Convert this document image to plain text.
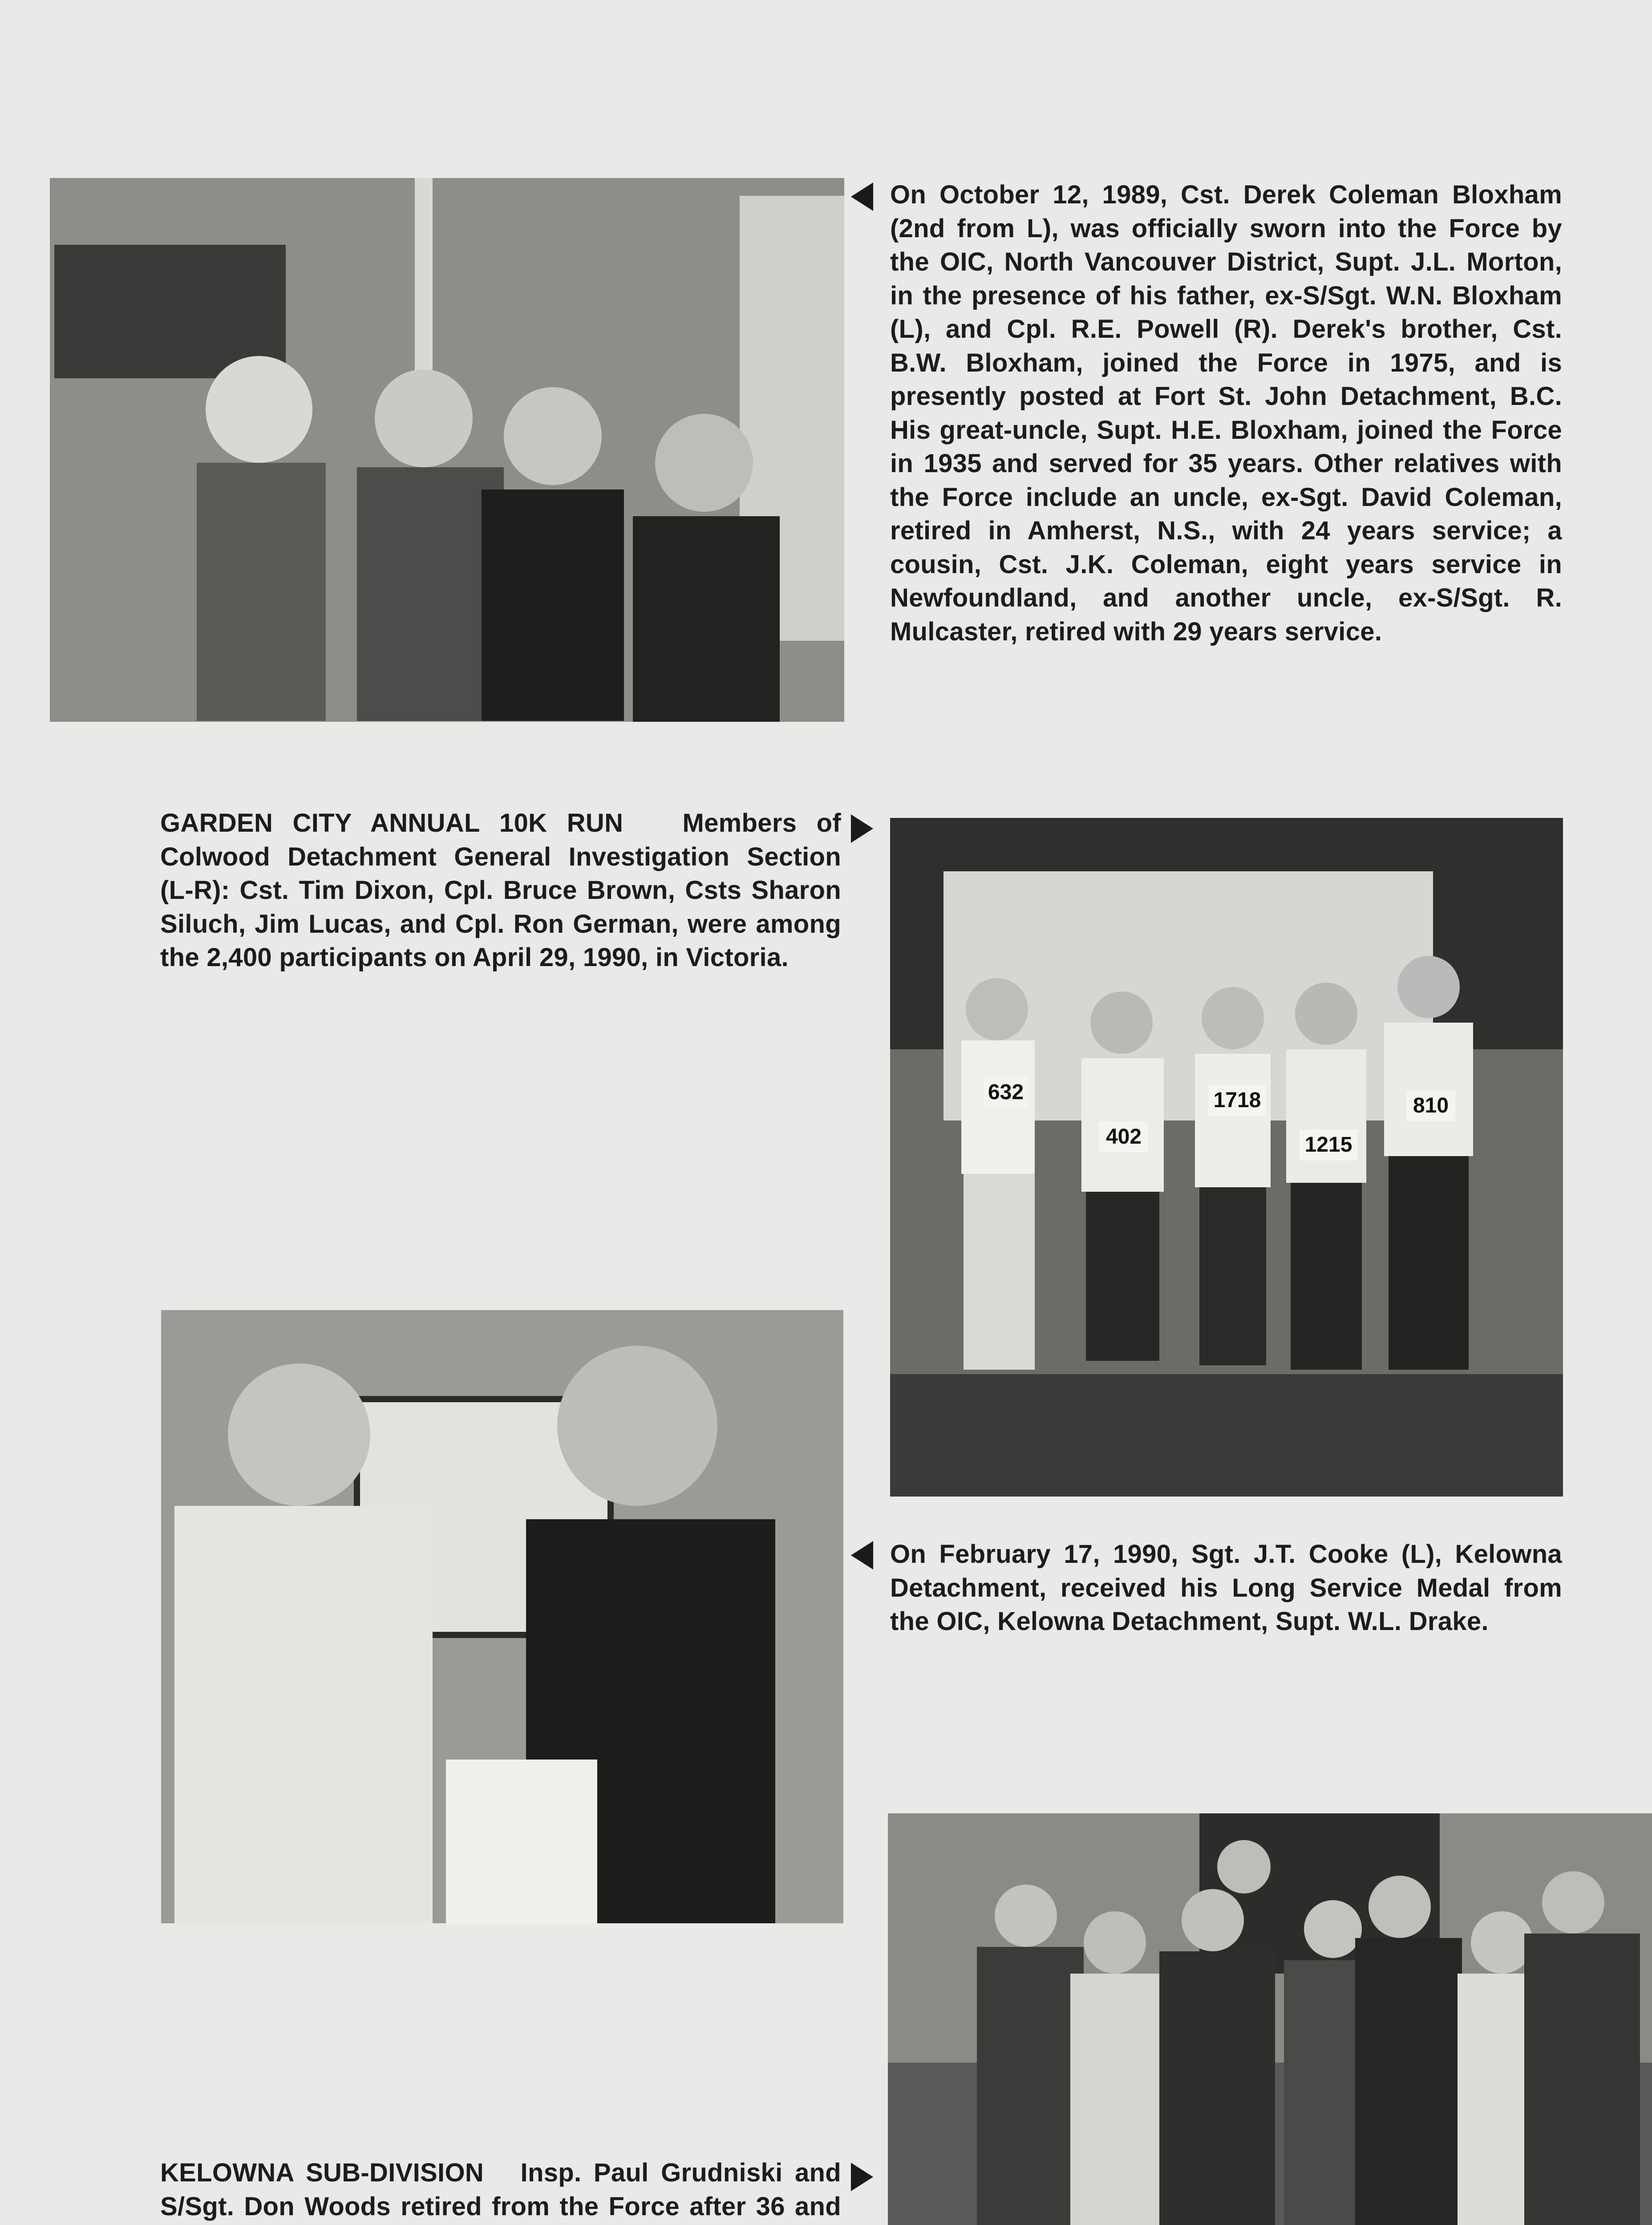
On October 12, 1989, Cst. Derek Coleman Bloxham (2nd from L), was officially sworn into the Force by the OIC, North Vancouver District, Supt. J.L. Morton, in the presence of his father, ex-S/Sgt. W.N. Bloxham (L), and Cpl. R.E. Powell (R). Derek's brother, Cst. B.W. Bloxham, joined the Force in 1975, and is presently posted at Fort St. John Detachment, B.C. His great-uncle, Supt. H.E. Bloxham, joined the Force in 1935 and served for 35 years. Other relatives with the Force include an uncle, ex-Sgt. David Coleman, retired in Amherst, N.S., with 24 years service; a cousin, Cst. J.K. Coleman, eight years service in Newfoundland, and another uncle, ex-S/Sgt. R. Mulcaster, retired with 29 years service.
GARDEN CITY ANNUAL 10K RUN Members of Colwood Detachment General Investigation Section (L-R): Cst. Tim Dixon, Cpl. Bruce Brown, Csts Sharon Siluch, Jim Lucas, and Cpl. Ron German, were among the 2,400 participants on April 29, 1990, in Victoria.
632
402
1718
1215
810
On February 17, 1990, Sgt. J.T. Cooke (L), Kelowna Detachment, received his Long Service Medal from the OIC, Kelowna Detachment, Supt. W.L. Drake.
KELOWNA SUB-DIVISION Insp. Paul Grudniski and S/Sgt. Don Woods retired from the Force after 36 and
